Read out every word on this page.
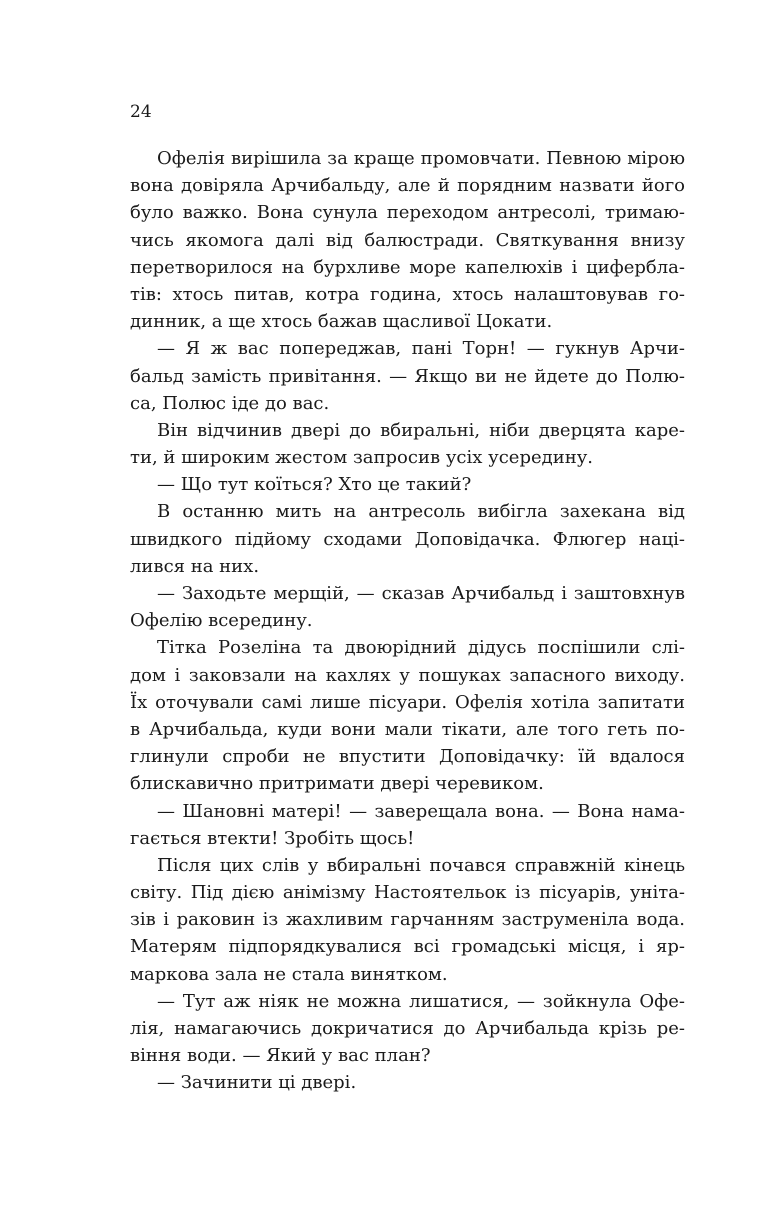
24
Офелія вирішила за краще промовчати. Певною мірою
вона довіряла Арчибальду, але й порядним назвати його
було важко. Вона сунула переходом антресолі, тримаю-
чись якомога далі від балюстради. Святкування внизу
перетворилося на бурхливе море капелюхів і цифербла-
тів: хтось питав, котра година, хтось налаштовував го-
динник, а ще хтось бажав щасливої Цокати.
— Я ж вас попереджав, пані Торн! — гукнув Арчи-
бальд замість привітання. — Якщо ви не йдете до Полю-
са, Полюс іде до вас.
Він відчинив двері до вбиральні, ніби дверцята каре-
ти, й широким жестом запросив усіх усередину.
— Що тут коїться? Хто це такий?
В останню мить на антресоль вибігла захекана від
швидкого підйому сходами Доповідачка. Флюгер наці-
лився на них.
— Заходьте мерщій, — сказав Арчибальд і заштовхнув
Офелію всередину.
Тітка Розеліна та двоюрідний дідусь поспішили слі-
дом і заковзали на кахлях у пошуках запасного виходу.
Їх оточували самі лише пісуари. Офелія хотіла запитати
в Арчибальда, куди вони мали тікати, але того геть по-
глинули спроби не впустити Доповідачку: їй вдалося
блискавично притримати двері черевиком.
— Шановні матері! — заверещала вона. — Вона нама-
гається втекти! Зробіть щось!
Після цих слів у вбиральні почався справжній кінець
світу. Під дією анімізму Настоятельок із пісуарів, уніта-
зів і раковин із жахливим гарчанням заструменіла вода.
Матерям підпорядкувалися всі громадські місця, і яр-
маркова зала не стала винятком.
— Тут аж ніяк не можна лишатися, — зойкнула Офе-
лія, намагаючись докричатися до Арчибальда крізь ре-
віння води. — Який у вас план?
— Зачинити ці двері.
